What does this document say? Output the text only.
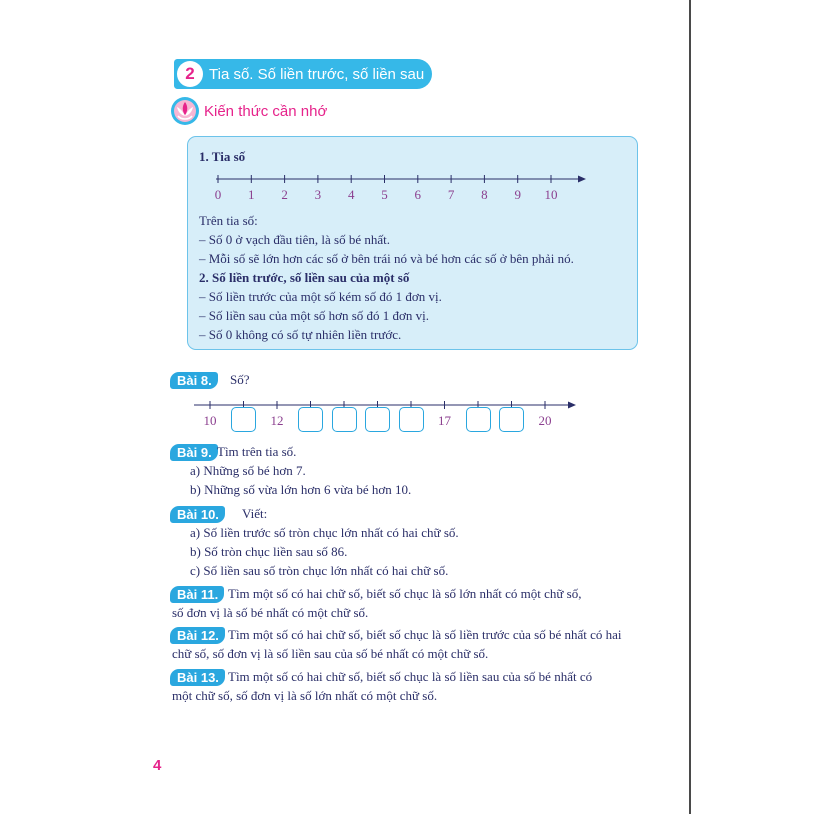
2 Tia số. Số liền trước, số liền sau
Kiến thức cần nhớ
1. Tia số
0 1 2 3 4 5 6 7 8 9 10
Trên tia số:
– Số 0 ở vạch đầu tiên, là số bé nhất.
– Mỗi số sẽ lớn hơn các số ở bên trái nó và bé hơn các số ở bên phải nó.
2. Số liền trước, số liền sau của một số
– Số liền trước của một số kém số đó 1 đơn vị.
– Số liền sau của một số hơn số đó 1 đơn vị.
– Số 0 không có số tự nhiên liền trước.
Bài 8.	Số?
10	12	17	20
Bài 9. Tìm trên tia số.
a) Những số bé hơn 7.
b) Những số vừa lớn hơn 6 vừa bé hơn 10.
Bài 10.	Viết:
a) Số liền trước số tròn chục lớn nhất có hai chữ số.
b) Số tròn chục liền sau số 86.
c) Số liền sau số tròn chục lớn nhất có hai chữ số.
Bài 11. Tìm một số có hai chữ số, biết số chục là số lớn nhất có một chữ số,
số đơn vị là số bé nhất có một chữ số.
Bài 12. Tìm một số có hai chữ số, biết số chục là số liền trước của số bé nhất có hai
chữ số, số đơn vị là số liền sau của số bé nhất có một chữ số.
Bài 13. Tìm một số có hai chữ số, biết số chục là số liền sau của số bé nhất có
một chữ số, số đơn vị là số lớn nhất có một chữ số.
4
